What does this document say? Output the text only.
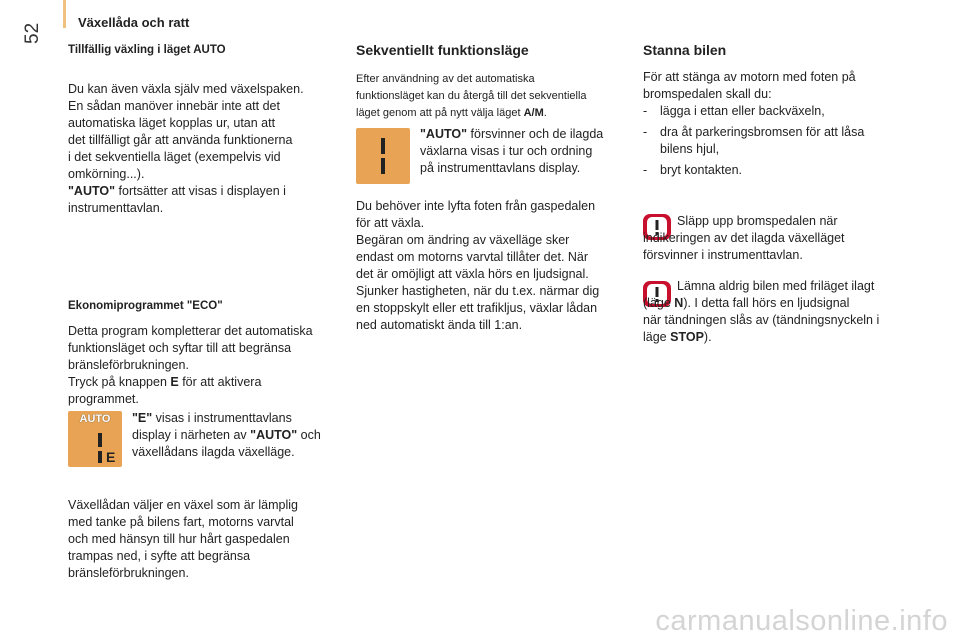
52
Växellåda och ratt

Tillfällig växling i läget AUTO

Du kan även växla själv med växelspaken.
En sådan manöver innebär inte att det
automatiska läget kopplas ur, utan att
det tillfälligt går att använda funktionerna
i det sekventiella läget (exempelvis vid
omkörning...).

"AUTO" fortsätter att visas i displayen i
instrumenttavlan.

Ekonomiprogrammet "ECO"

Detta program kompletterar det automatiska
funktionsläget och syftar till att begränsa
bränsleförbrukningen.
Tryck på knappen E för att aktivera
programmet.

AUTO
E

"E" visas i instrumenttavlans
display i närheten av "AUTO" och
växellådans ilagda växelläge.

Växellådan väljer en växel som är lämplig
med tanke på bilens fart, motorns varvtal
och med hänsyn till hur hårt gaspedalen
trampas ned, i syfte att begränsa
bränsleförbrukningen.

Sekventiellt funktionsläge

Efter användning av det automatiska
funktionsläget kan du återgå till det sekventiella
läget genom att på nytt välja läget A/M.

"AUTO" försvinner och de ilagda
växlarna visas i tur och ordning
på instrumenttavlans display.

Du behöver inte lyfta foten från gaspedalen
för att växla.
Begäran om ändring av växelläge sker
endast om motorns varvtal tillåter det. När
det är omöjligt att växla hörs en ljudsignal.
Sjunker hastigheten, när du t.ex. närmar dig
en stoppskylt eller ett trafikljus, växlar lådan
ned automatiskt ända till 1:an.

Stanna bilen

För att stänga av motorn med foten på
bromspedalen skall du:

-	lägga i ettan eller backväxeln,
-	dra åt parkeringsbromsen för att låsa
bilens hjul,
-	bryt kontakten.

Släpp upp bromspedalen när
indikeringen av det ilagda växelläget
försvinner i instrumenttavlan.

Lämna aldrig bilen med friläget ilagt
(läge N). I detta fall hörs en ljudsignal
när tändningen slås av (tändningsnyckeln i
läge STOP).

carmanualsonline.info
